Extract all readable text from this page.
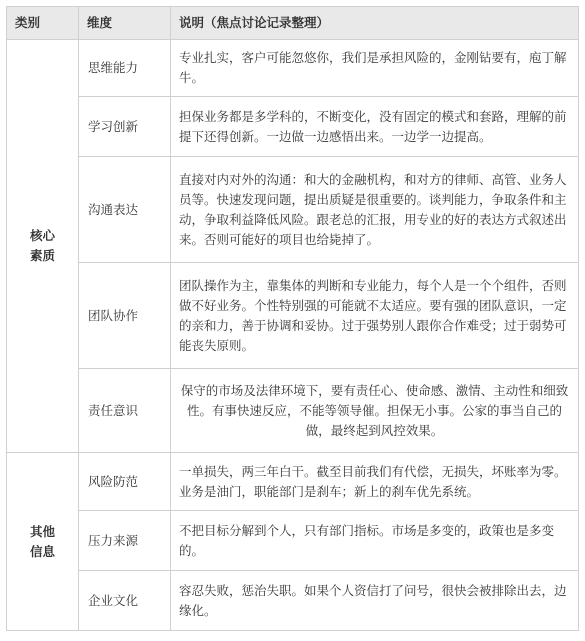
类别	维度	说明（焦点讨论记录整理）

核心
素质	思维能力	专业扎实，客户可能忽悠你，我们是承担风险的，金刚钻要有，庖丁解牛。
	学习创新	担保业务都是多学科的，不断变化，没有固定的模式和套路，理解的前提下还得创新。一边做一边感悟出来。一边学一边提高。
	沟通表达	直接对内对外的沟通：和大的金融机构，和对方的律师、高管、业务人员等。快速发现问题，提出质疑是很重要的。谈判能力，争取条件和主动，争取利益降低风险。跟老总的汇报，用专业的好的表达方式叙述出来。否则可能好的项目也给毙掉了。
	团队协作	团队操作为主，靠集体的判断和专业能力，每个人是一个个组件，否则做不好业务。个性特别强的可能就不太适应。要有强的团队意识，一定的亲和力，善于协调和妥协。过于强势别人跟你合作难受；过于弱势可能丧失原则。
	责任意识	保守的市场及法律环境下，要有责任心、使命感、激情、主动性和细致性。有事快速反应，不能等领导催。担保无小事。公家的事当自己的做，最终起到风控效果。

其他
信息	风险防范	一单损失，两三年白干。截至目前我们有代偿，无损失，坏账率为零。业务是油门，职能部门是刹车；新上的刹车优先系统。
	压力来源	不把目标分解到个人，只有部门指标。市场是多变的，政策也是多变的。
	企业文化	容忍失败，惩治失职。如果个人资信打了问号，很快会被排除出去，边缘化。
